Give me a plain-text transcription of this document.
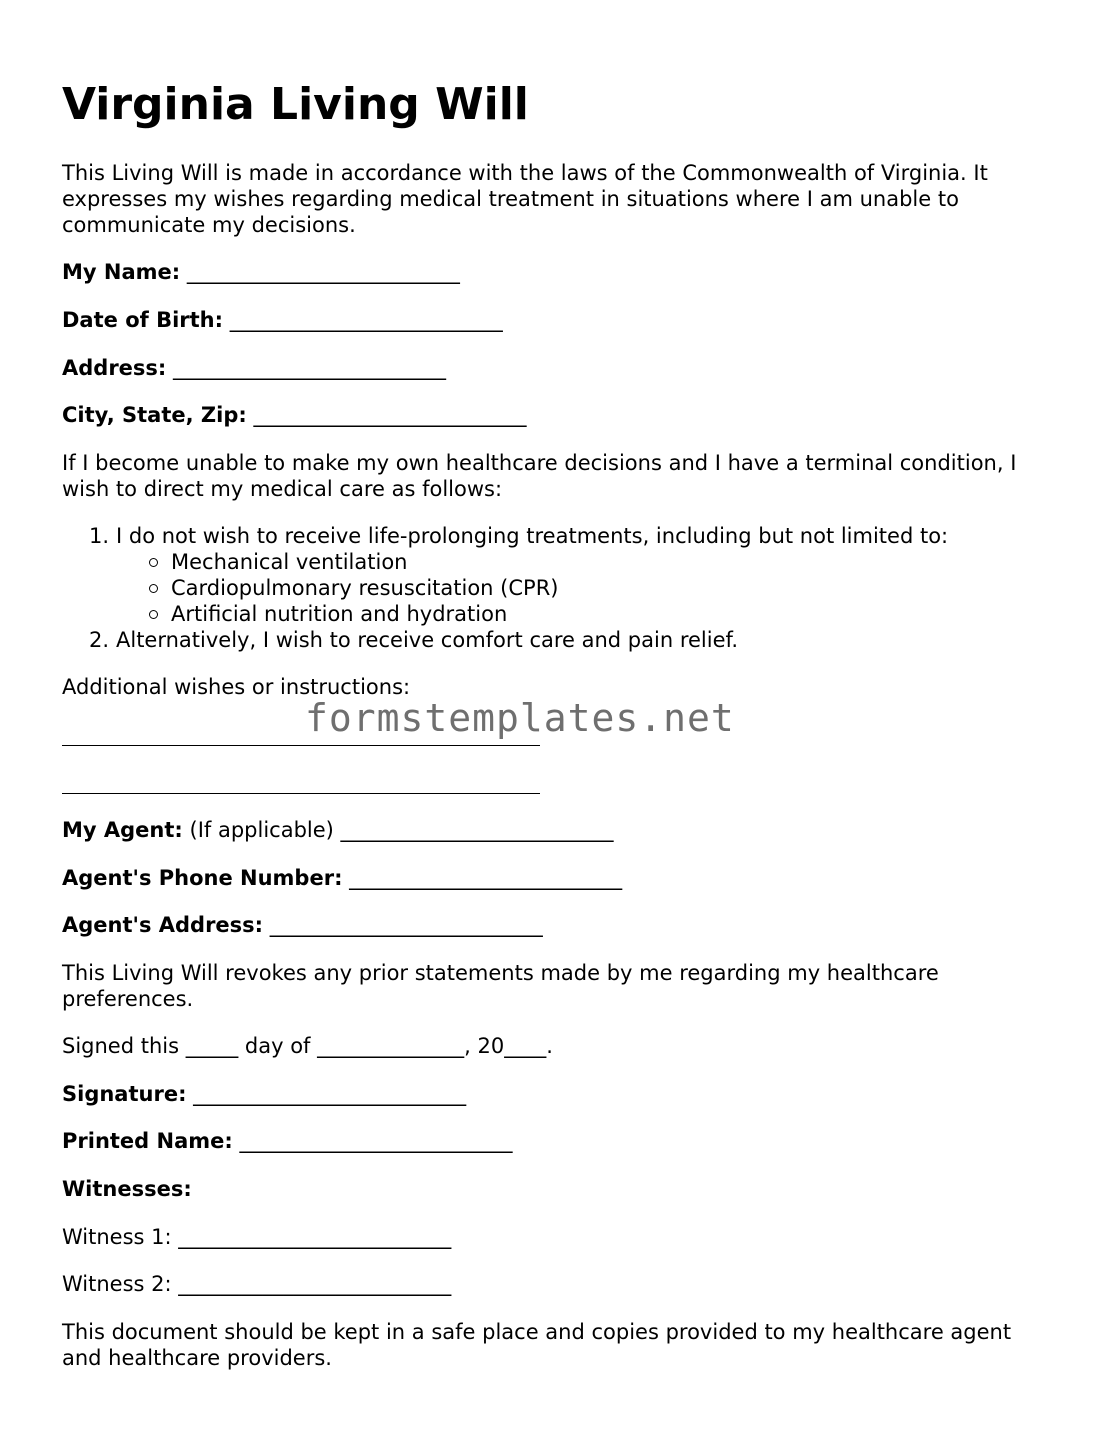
Virginia Living Will

This Living Will is made in accordance with the laws of the Commonwealth of Virginia. It expresses my wishes regarding medical treatment in situations where I am unable to communicate my decisions.

My Name: __________________________

Date of Birth: __________________________

Address: __________________________

City, State, Zip: __________________________

If I become unable to make my own healthcare decisions and I have a terminal condition, I wish to direct my medical care as follows:

1. I do not wish to receive life-prolonging treatments, including but not limited to:
Mechanical ventilation
Cardiopulmonary resuscitation (CPR)
Artificial nutrition and hydration
2. Alternatively, I wish to receive comfort care and pain relief.

Additional wishes or instructions:

My Agent: (If applicable) __________________________

Agent's Phone Number: __________________________

Agent's Address: __________________________

This Living Will revokes any prior statements made by me regarding my healthcare preferences.

Signed this _____ day of ______________, 20____.

Signature: __________________________

Printed Name: __________________________

Witnesses:

Witness 1: __________________________

Witness 2: __________________________

This document should be kept in a safe place and copies provided to my healthcare agent and healthcare providers.

formstemplates.net
